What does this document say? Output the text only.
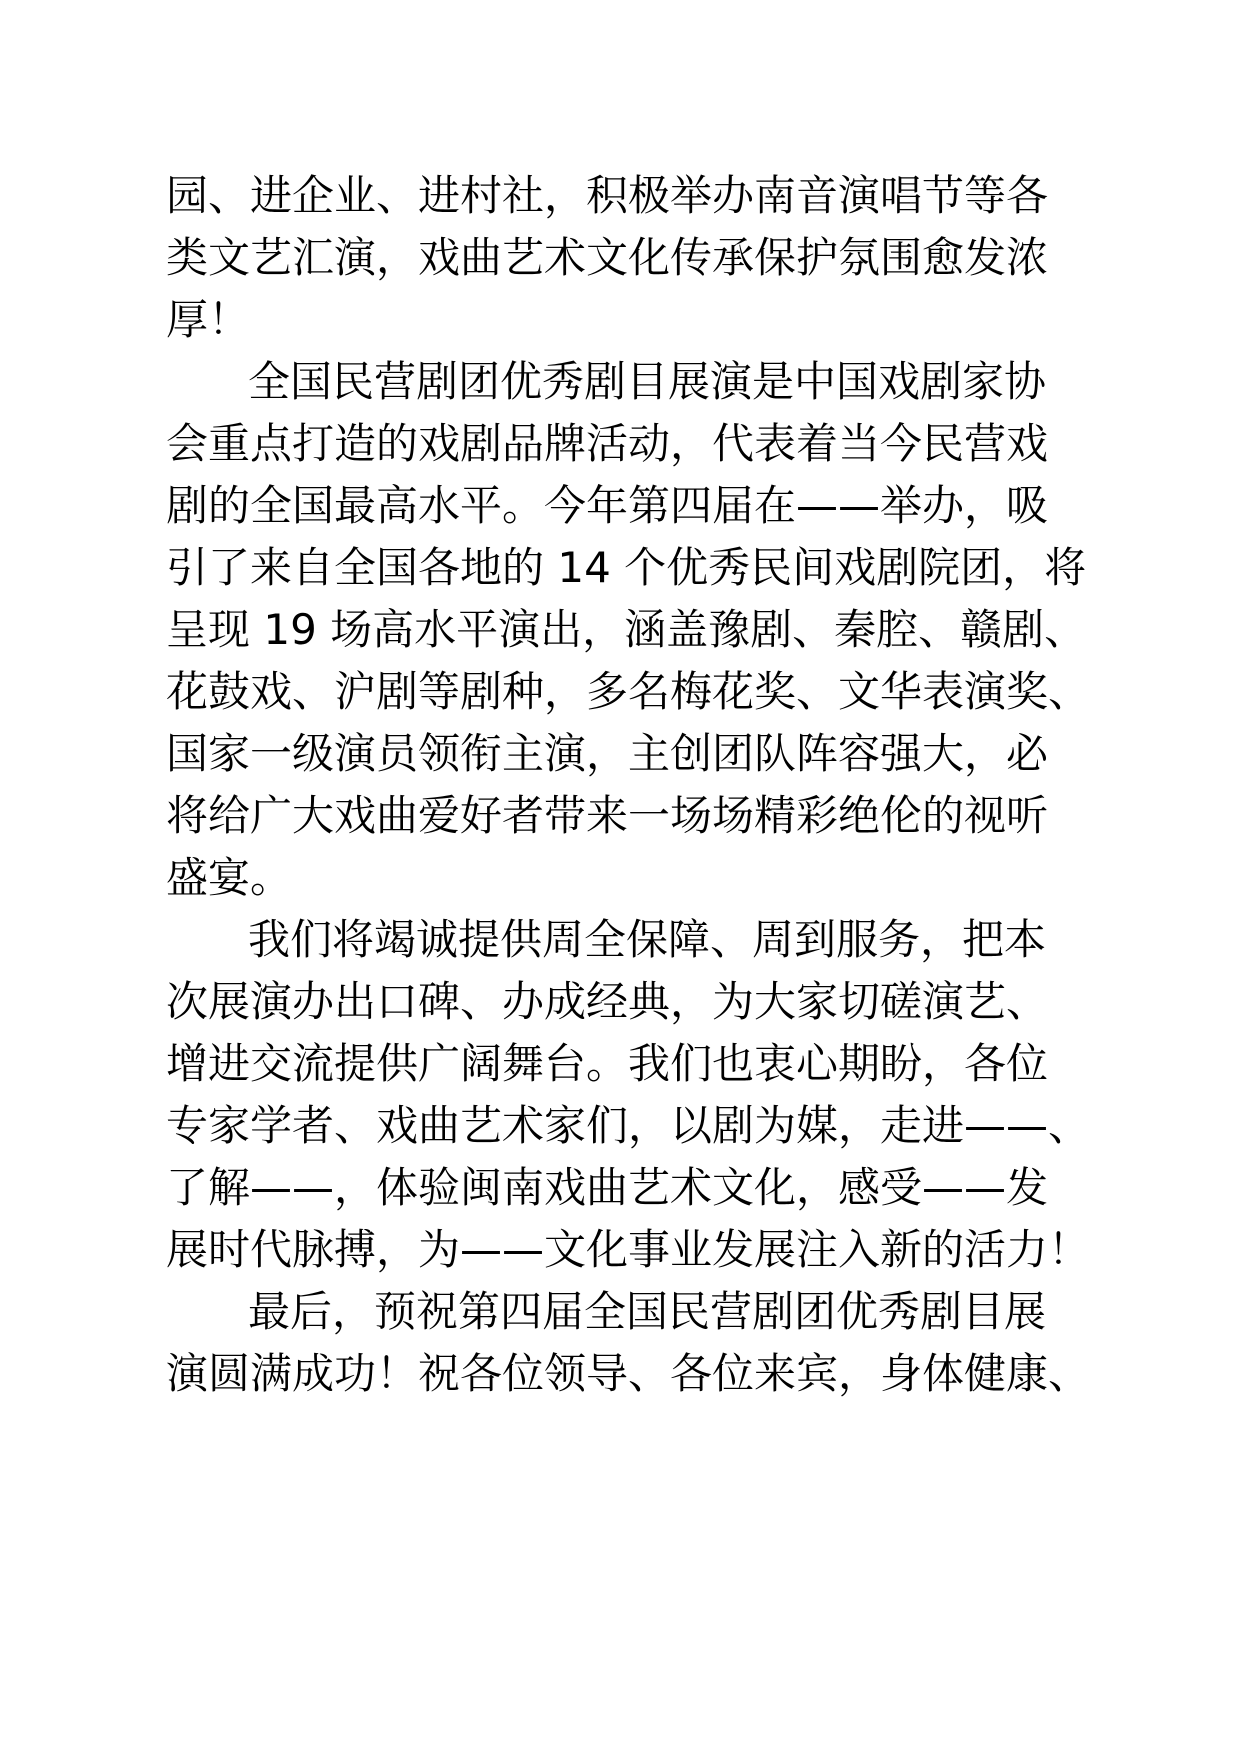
园、进企业、进村社，积极举办南音演唱节等各
类文艺汇演，戏曲艺术文化传承保护氛围愈发浓
厚！
全国民营剧团优秀剧目展演是中国戏剧家协
会重点打造的戏剧品牌活动，代表着当今民营戏
剧的全国最高水平。今年第四届在——举办，吸
引了来自全国各地的 14 个优秀民间戏剧院团，将
呈现 19 场高水平演出，涵盖豫剧、秦腔、赣剧、
花鼓戏、沪剧等剧种，多名梅花奖、文华表演奖、
国家一级演员领衔主演，主创团队阵容强大，必
将给广大戏曲爱好者带来一场场精彩绝伦的视听
盛宴。
我们将竭诚提供周全保障、周到服务，把本
次展演办出口碑、办成经典，为大家切磋演艺、
增进交流提供广阔舞台。我们也衷心期盼，各位
专家学者、戏曲艺术家们，以剧为媒，走进——、
了解——，体验闽南戏曲艺术文化，感受——发
展时代脉搏，为——文化事业发展注入新的活力！
最后，预祝第四届全国民营剧团优秀剧目展
演圆满成功！祝各位领导、各位来宾，身体健康、
